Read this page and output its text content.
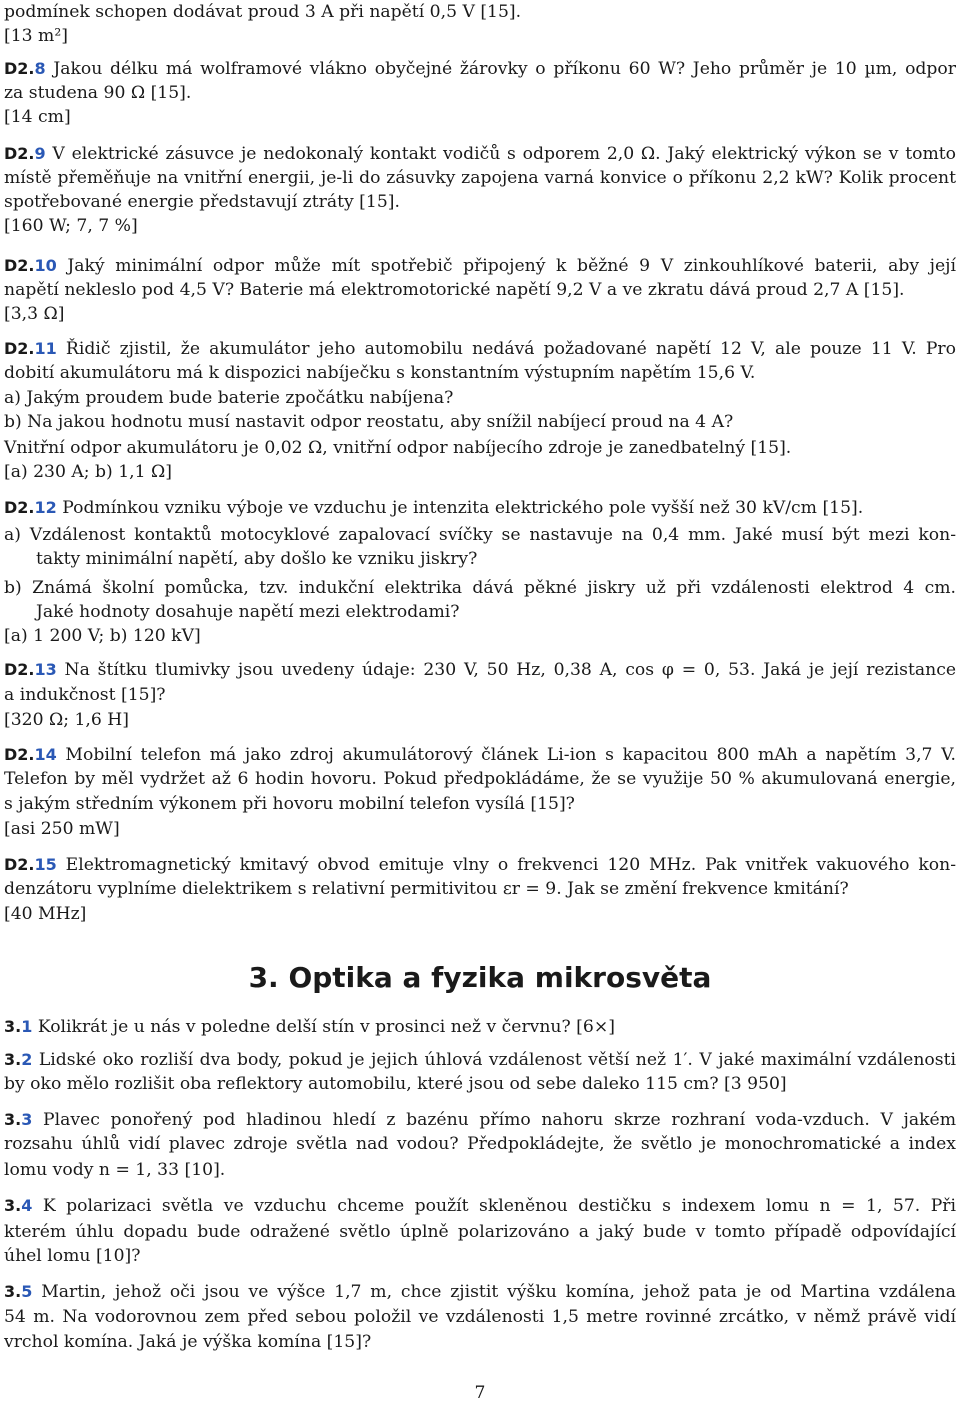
podmínek schopen dodávat proud 3 A při napětí 0,5 V [15].
[13 m²]
D2.8 Jakou délku má wolframové vlákno obyčejné žárovky o příkonu 60 W? Jeho průměr je 10 µm, odpor
za studena 90 Ω [15].
[14 cm]
D2.9 V elektrické zásuvce je nedokonalý kontakt vodičů s odporem 2,0 Ω. Jaký elektrický výkon se v tomto
místě přeměňuje na vnitřní energii, je-li do zásuvky zapojena varná konvice o příkonu 2,2 kW? Kolik procent
spotřebované energie představují ztráty [15].
[160 W; 7, 7 %]
D2.10 Jaký minimální odpor může mít spotřebič připojený k běžné 9 V zinkouhlíkové baterii, aby její
napětí nekleslo pod 4,5 V? Baterie má elektromotorické napětí 9,2 V a ve zkratu dává proud 2,7 A [15].
[3,3 Ω]
D2.11 Řidič zjistil, že akumulátor jeho automobilu nedává požadované napětí 12 V, ale pouze 11 V. Pro
dobití akumulátoru má k dispozici nabíječku s konstantním výstupním napětím 15,6 V.
a) Jakým proudem bude baterie zpočátku nabíjena?
b) Na jakou hodnotu musí nastavit odpor reostatu, aby snížil nabíjecí proud na 4 A?
Vnitřní odpor akumulátoru je 0,02 Ω, vnitřní odpor nabíjecího zdroje je zanedbatelný [15].
[a) 230 A; b) 1,1 Ω]
D2.12 Podmínkou vzniku výboje ve vzduchu je intenzita elektrického pole vyšší než 30 kV/cm [15].
a) Vzdálenost kontaktů motocyklové zapalovací svíčky se nastavuje na 0,4 mm. Jaké musí být mezi kon-
takty minimální napětí, aby došlo ke vzniku jiskry?
b) Známá školní pomůcka, tzv. indukční elektrika dává pěkné jiskry už při vzdálenosti elektrod 4 cm.
Jaké hodnoty dosahuje napětí mezi elektrodami?
[a) 1 200 V; b) 120 kV]
D2.13 Na štítku tlumivky jsou uvedeny údaje: 230 V, 50 Hz, 0,38 A, cos φ = 0, 53. Jaká je její rezistance
a indukčnost [15]?
[320 Ω; 1,6 H]
D2.14 Mobilní telefon má jako zdroj akumulátorový článek Li-ion s kapacitou 800 mAh a napětím 3,7 V.
Telefon by měl vydržet až 6 hodin hovoru. Pokud předpokládáme, že se využije 50 % akumulovaná energie,
s jakým středním výkonem při hovoru mobilní telefon vysílá [15]?
[asi 250 mW]
D2.15 Elektromagnetický kmitavý obvod emituje vlny o frekvenci 120 MHz. Pak vnitřek vakuového kon-
denzátoru vyplníme dielektrikem s relativní permitivitou εr = 9. Jak se změní frekvence kmitání?
[40 MHz]
3. Optika a fyzika mikrosvěta
3.1 Kolikrát je u nás v poledne delší stín v prosinci než v červnu? [6×]
3.2 Lidské oko rozliší dva body, pokud je jejich úhlová vzdálenost větší než 1′. V jaké maximální vzdálenosti
by oko mělo rozlišit oba reflektory automobilu, které jsou od sebe daleko 115 cm? [3 950]
3.3 Plavec ponořený pod hladinou hledí z bazénu přímo nahoru skrze rozhraní voda-vzduch. V jakém
rozsahu úhlů vidí plavec zdroje světla nad vodou? Předpokládejte, že světlo je monochromatické a index
lomu vody n = 1, 33 [10].
3.4 K polarizaci světla ve vzduchu chceme použít skleněnou destičku s indexem lomu n = 1, 57. Při
kterém úhlu dopadu bude odražené světlo úplně polarizováno a jaký bude v tomto případě odpovídající
úhel lomu [10]?
3.5 Martin, jehož oči jsou ve výšce 1,7 m, chce zjistit výšku komína, jehož pata je od Martina vzdálena
54 m. Na vodorovnou zem před sebou položil ve vzdálenosti 1,5 metre rovinné zrcátko, v němž právě vidí
vrchol komína. Jaká je výška komína [15]?
7
